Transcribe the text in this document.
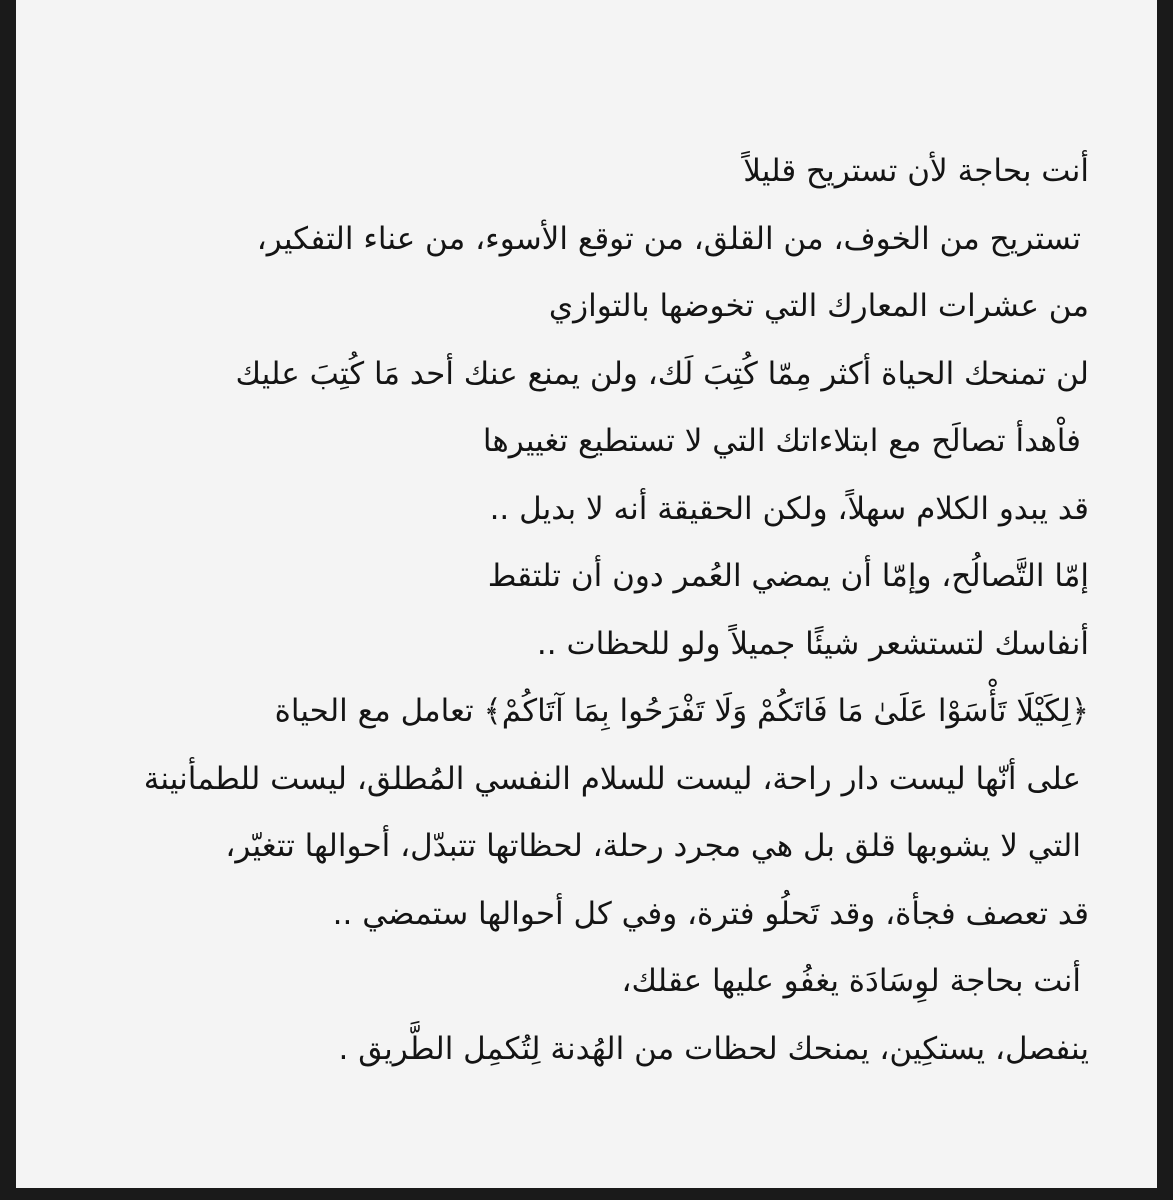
أنت بحاجة لأن تستريح قليلاً
تستريح من الخوف، من القلق، من توقع الأسوء، من عناء التفكير،
من عشرات المعارك التي تخوضها بالتوازي
لن تمنحك الحياة أكثر مِمّا كُتِبَ لَك، ولن يمنع عنك أحد مَا كُتِبَ عليك
فاْهدأ تصالَح مع ابتلاءاتك التي لا تستطيع تغييرها
قد يبدو الكلام سهلاً، ولكن الحقيقة أنه لا بديل ..
إمّا التَّصالُح، وإمّا أن يمضي العُمر دون أن تلتقط
أنفاسك لتستشعر شيئًا جميلاً ولو للحظات ..
﴿لِكَيْلَا تَأْسَوْا عَلَىٰ مَا فَاتَكُمْ وَلَا تَفْرَحُوا بِمَا آتَاكُمْ﴾ تعامل مع الحياة
على أنّها ليست دار راحة، ليست للسلام النفسي المُطلق، ليست للطمأنينة
التي لا يشوبها قلق بل هي مجرد رحلة، لحظاتها تتبدّل، أحوالها تتغيّر،
قد تعصف فجأة، وقد تَحلُو فترة، وفي كل أحوالها ستمضي ..
أنت بحاجة لوِسَادَة يغفُو عليها عقلك،
ينفصل، يستكِين، يمنحك لحظات من الهُدنة لِتُكمِل الطَّريق .
